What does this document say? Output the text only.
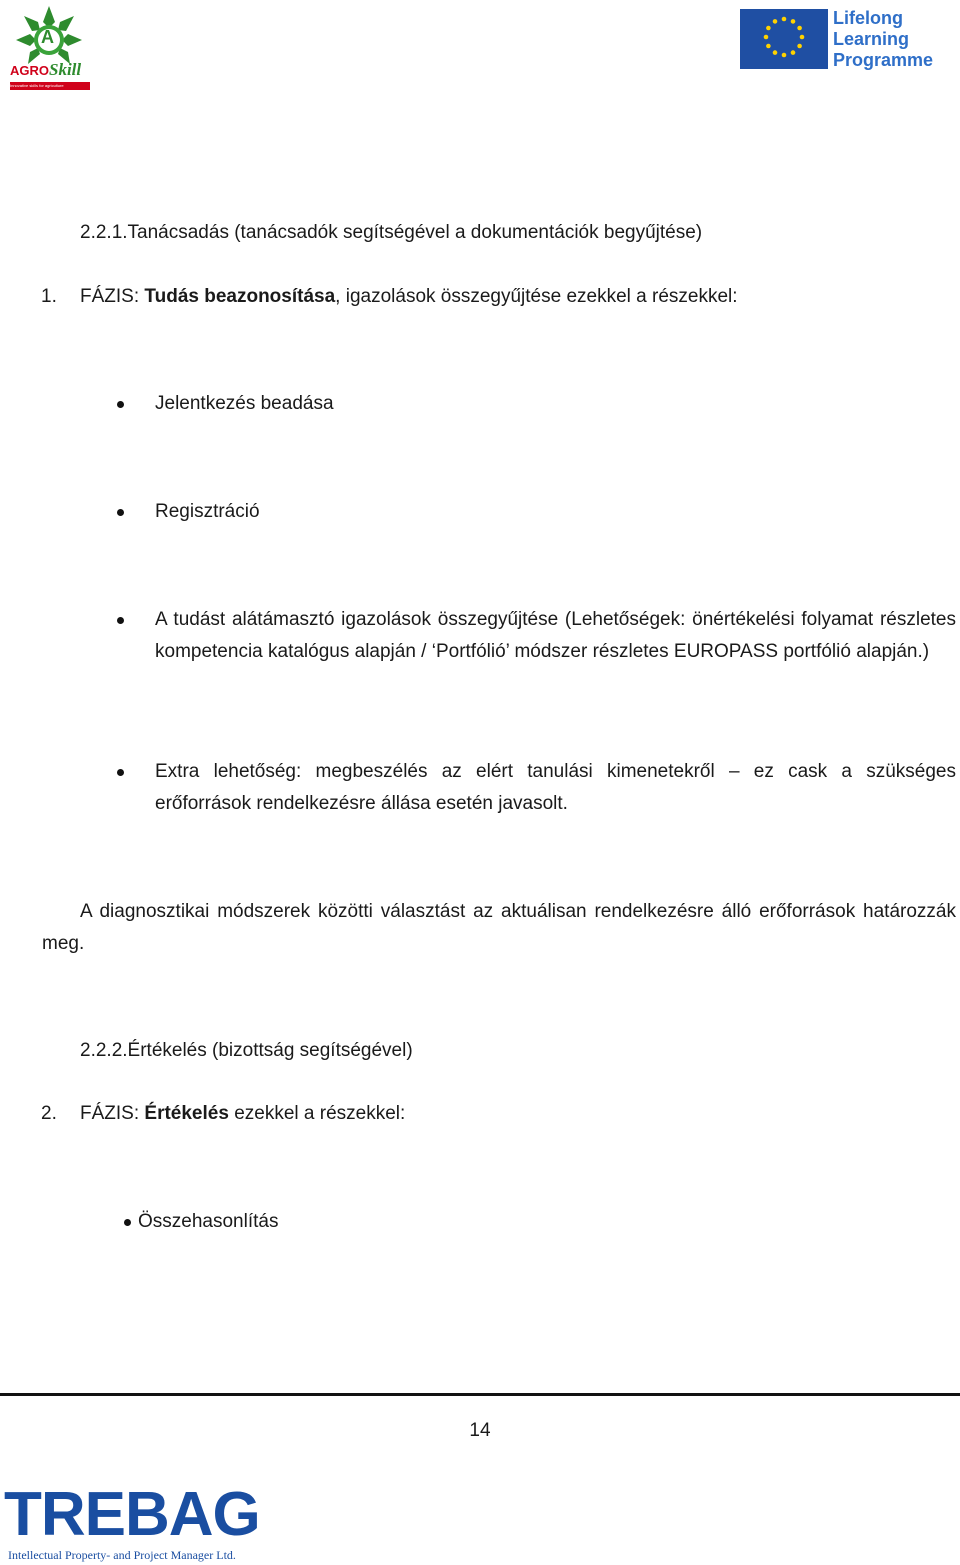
A
AGROSkill
Innovative skills for agriculture
Lifelong
Learning
Programme
2.2.1.Tanácsadás (tanácsadók segítségével a dokumentációk begyűjtése)
1. FÁZIS: Tudás beazonosítása, igazolások összegyűjtése ezekkel a részekkel:
Jelentkezés beadása
Regisztráció
A tudást alátámasztó igazolások összegyűjtése (Lehetőségek: önértékelési folyamat részletes kompetencia katalógus alapján / ‘Portfólió’ módszer részletes EUROPASS portfólió alapján.)
Extra lehetőség: megbeszélés az elért tanulási kimenetekről – ez cask a szükséges erőforrások rendelkezésre állása esetén javasolt.
A diagnosztikai módszerek közötti választást az aktuálisan rendelkezésre álló erőforrások határozzák meg.
2.2.2.Értékelés (bizottság segítségével)
2. FÁZIS: Értékelés ezekkel a részekkel:
Összehasonlítás
14
TREBAG
Intellectual Property- and Project Manager Ltd.
